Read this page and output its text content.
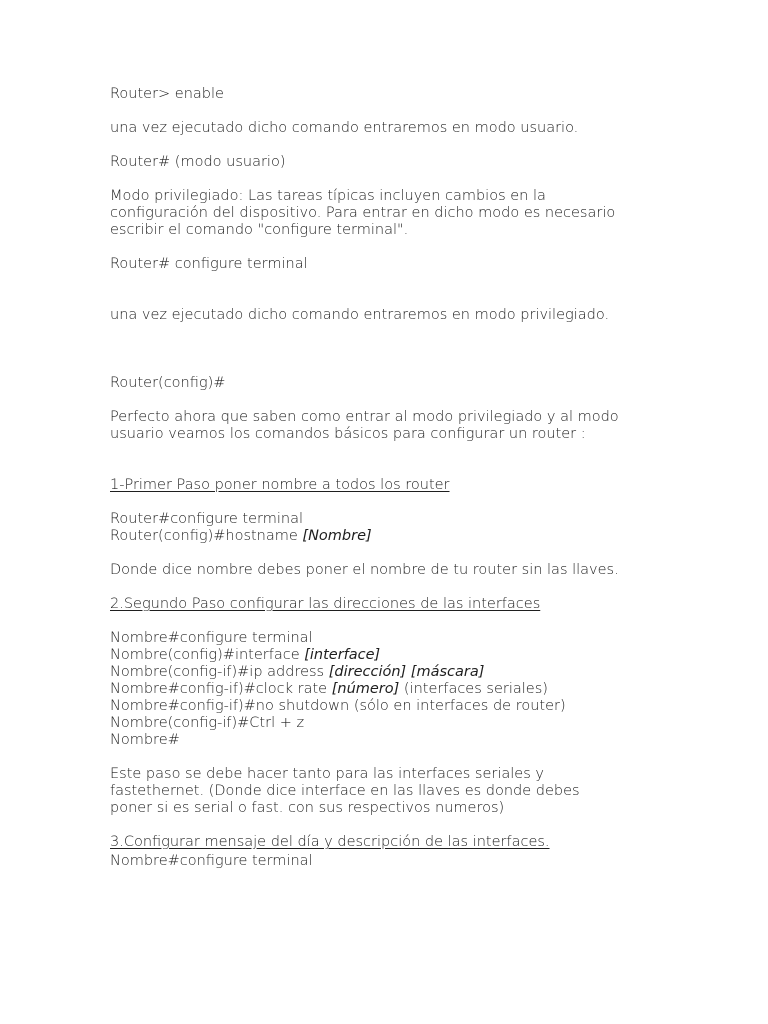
Router> enable
una vez ejecutado dicho comando entraremos en modo usuario.
Router# (modo usuario)
Modo privilegiado: Las tareas típicas incluyen cambios en la
configuración del dispositivo. Para entrar en dicho modo es necesario
escribir el comando "configure terminal".
Router# configure terminal
una vez ejecutado dicho comando entraremos en modo privilegiado.
Router(config)#
Perfecto ahora que saben como entrar al modo privilegiado y al modo
usuario veamos los comandos básicos para configurar un router :
1-Primer Paso poner nombre a todos los router
Router#configure terminal
Router(config)#hostname [Nombre]
Donde dice nombre debes poner el nombre de tu router sin las llaves.
2.Segundo Paso configurar las direcciones de las interfaces
Nombre#configure terminal
Nombre(config)#interface [interface]
Nombre(config-if)#ip address [dirección] [máscara]
Nombre#config-if)#clock rate [número] (interfaces seriales)
Nombre#config-if)#no shutdown (sólo en interfaces de router)
Nombre(config-if)#Ctrl + z
Nombre#
Este paso se debe hacer tanto para las interfaces seriales y
fastethernet. (Donde dice interface en las llaves es donde debes
poner si es serial o fast. con sus respectivos numeros)
3.Configurar mensaje del día y descripción de las interfaces.
Nombre#configure terminal
